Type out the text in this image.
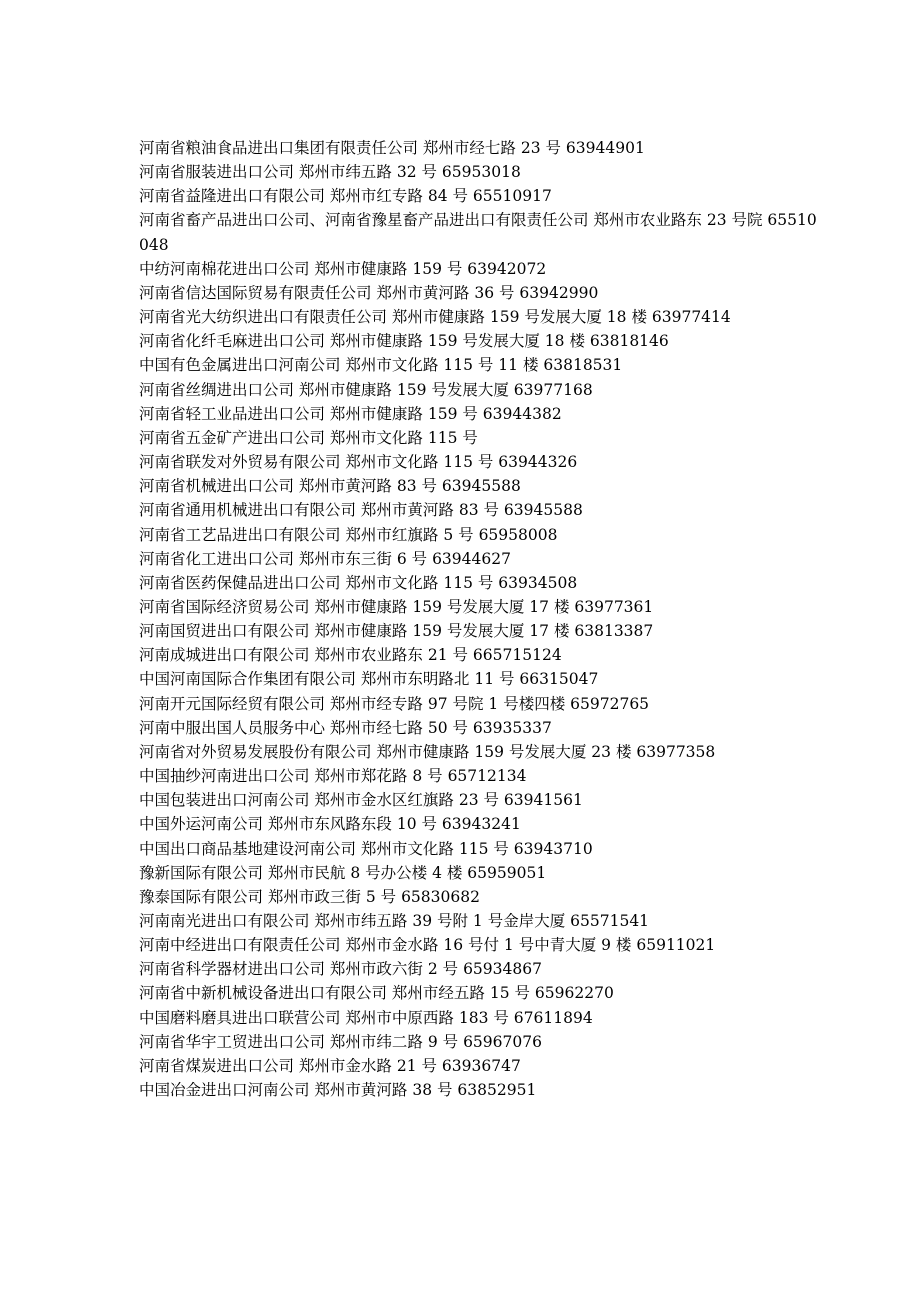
河南省粮油食品进出口集团有限责任公司 郑州市经七路 23 号 63944901

河南省服装进出口公司 郑州市纬五路 32 号 65953018

河南省益隆进出口有限公司 郑州市红专路 84 号 65510917

河南省畜产品进出口公司、河南省豫星畜产品进出口有限责任公司 郑州市农业路东 23 号院 65510048

中纺河南棉花进出口公司 郑州市健康路 159 号 63942072

河南省信达国际贸易有限责任公司 郑州市黄河路 36 号 63942990

河南省光大纺织进出口有限责任公司 郑州市健康路 159 号发展大厦 18 楼 63977414

河南省化纤毛麻进出口公司 郑州市健康路 159 号发展大厦 18 楼 63818146

中国有色金属进出口河南公司 郑州市文化路 115 号 11 楼 63818531

河南省丝绸进出口公司 郑州市健康路 159 号发展大厦 63977168

河南省轻工业品进出口公司 郑州市健康路 159 号 63944382

河南省五金矿产进出口公司 郑州市文化路 115 号

河南省联发对外贸易有限公司 郑州市文化路 115 号 63944326

河南省机械进出口公司 郑州市黄河路 83 号 63945588

河南省通用机械进出口有限公司 郑州市黄河路 83 号 63945588

河南省工艺品进出口有限公司 郑州市红旗路 5 号 65958008

河南省化工进出口公司 郑州市东三街 6 号 63944627

河南省医药保健品进出口公司 郑州市文化路 115 号 63934508

河南省国际经济贸易公司 郑州市健康路 159 号发展大厦 17 楼 63977361

河南国贸进出口有限公司 郑州市健康路 159 号发展大厦 17 楼 63813387

河南成城进出口有限公司 郑州市农业路东 21 号 665715124

中国河南国际合作集团有限公司 郑州市东明路北 11 号 66315047

河南开元国际经贸有限公司 郑州市经专路 97 号院 1 号楼四楼 65972765

河南中服出国人员服务中心 郑州市经七路 50 号 63935337

河南省对外贸易发展股份有限公司 郑州市健康路 159 号发展大厦 23 楼 63977358

中国抽纱河南进出口公司 郑州市郑花路 8 号 65712134

中国包装进出口河南公司 郑州市金水区红旗路 23 号 63941561

中国外运河南公司 郑州市东风路东段 10 号 63943241

中国出口商品基地建设河南公司 郑州市文化路 115 号 63943710

豫新国际有限公司 郑州市民航 8 号办公楼 4 楼 65959051

豫泰国际有限公司 郑州市政三街 5 号 65830682

河南南光进出口有限公司 郑州市纬五路 39 号附 1 号金岸大厦 65571541

河南中经进出口有限责任公司 郑州市金水路 16 号付 1 号中青大厦 9 楼 65911021

河南省科学器材进出口公司 郑州市政六街 2 号 65934867

河南省中新机械设备进出口有限公司 郑州市经五路 15 号 65962270

中国磨料磨具进出口联营公司 郑州市中原西路 183 号 67611894

河南省华宇工贸进出口公司 郑州市纬二路 9 号 65967076

河南省煤炭进出口公司 郑州市金水路 21 号 63936747

中国冶金进出口河南公司 郑州市黄河路 38 号 63852951
